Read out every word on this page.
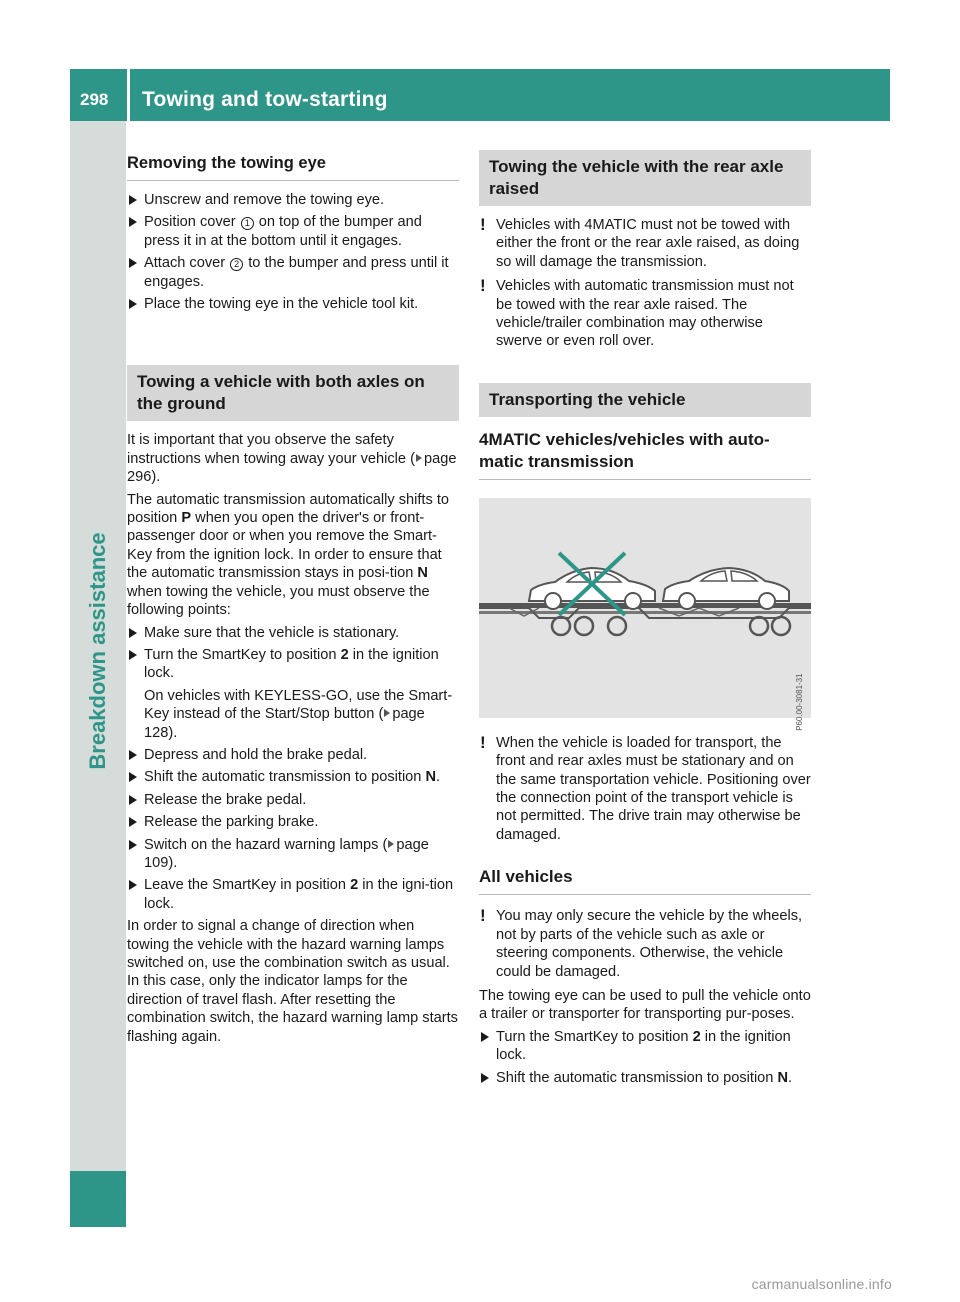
298	Towing and tow-starting
Breakdown assistance
Removing the towing eye
Unscrew and remove the towing eye.
Position cover 1 on top of the bumper and press it in at the bottom until it engages.
Attach cover 2 to the bumper and press until it engages.
Place the towing eye in the vehicle tool kit.
Towing a vehicle with both axles on the ground
It is important that you observe the safety instructions when towing away your vehicle ( page 296).
The automatic transmission automatically shifts to position P when you open the driver's or front-passenger door or when you remove the Smart-Key from the ignition lock. In order to ensure that the automatic transmission stays in posi-tion N when towing the vehicle, you must observe the following points:
Make sure that the vehicle is stationary.
Turn the SmartKey to position 2 in the ignition lock.
On vehicles with KEYLESS-GO, use the Smart-Key instead of the Start/Stop button ( page 128).
Depress and hold the brake pedal.
Shift the automatic transmission to position N.
Release the brake pedal.
Release the parking brake.
Switch on the hazard warning lamps ( page 109).
Leave the SmartKey in position 2 in the igni-tion lock.
In order to signal a change of direction when towing the vehicle with the hazard warning lamps switched on, use the combination switch as usual. In this case, only the indicator lamps for the direction of travel flash. After resetting the combination switch, the hazard warning lamp starts flashing again.
Towing the vehicle with the rear axle raised
! Vehicles with 4MATIC must not be towed with either the front or the rear axle raised, as doing so will damage the transmission.
! Vehicles with automatic transmission must not be towed with the rear axle raised. The vehicle/trailer combination may otherwise swerve or even roll over.
Transporting the vehicle
4MATIC vehicles/vehicles with auto-matic transmission
P60.00-3081-31
! When the vehicle is loaded for transport, the front and rear axles must be stationary and on the same transportation vehicle. Positioning over the connection point of the transport vehicle is not permitted. The drive train may otherwise be damaged.
All vehicles
! You may only secure the vehicle by the wheels, not by parts of the vehicle such as axle or steering components. Otherwise, the vehicle could be damaged.
The towing eye can be used to pull the vehicle onto a trailer or transporter for transporting pur-poses.
Turn the SmartKey to position 2 in the ignition lock.
Shift the automatic transmission to position N.
carmanualsonline.info
